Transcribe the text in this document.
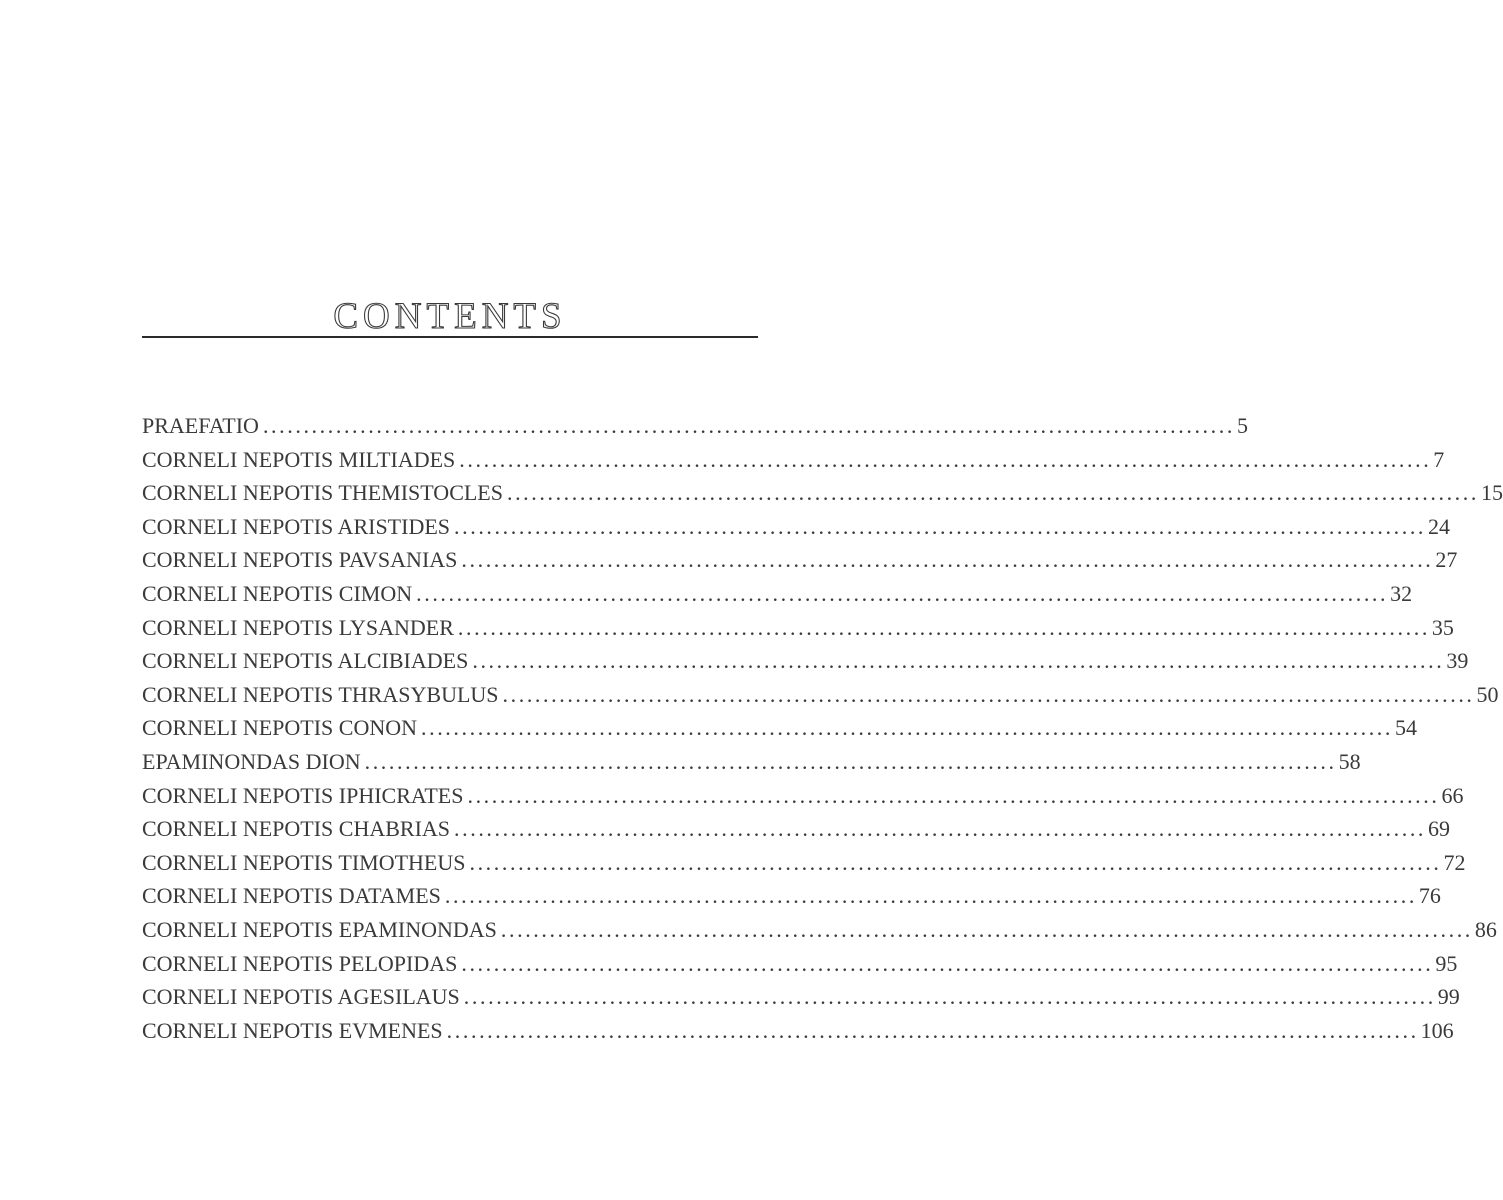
CONTENTS
PRAEFATIO ........................................................................................................................ 5
CORNELI NEPOTIS MILTIADES ........................................................................................................................ 7
CORNELI NEPOTIS THEMISTOCLES ........................................................................................................................ 15
CORNELI NEPOTIS ARISTIDES ........................................................................................................................ 24
CORNELI NEPOTIS PAVSANIAS ........................................................................................................................ 27
CORNELI NEPOTIS CIMON ........................................................................................................................ 32
CORNELI NEPOTIS LYSANDER ........................................................................................................................ 35
CORNELI NEPOTIS ALCIBIADES ........................................................................................................................ 39
CORNELI NEPOTIS THRASYBULUS ........................................................................................................................ 50
CORNELI NEPOTIS CONON ........................................................................................................................ 54
EPAMINONDAS DION ........................................................................................................................ 58
CORNELI NEPOTIS IPHICRATES ........................................................................................................................ 66
CORNELI NEPOTIS CHABRIAS ........................................................................................................................ 69
CORNELI NEPOTIS TIMOTHEUS ........................................................................................................................ 72
CORNELI NEPOTIS DATAMES ........................................................................................................................ 76
CORNELI NEPOTIS EPAMINONDAS ........................................................................................................................ 86
CORNELI NEPOTIS PELOPIDAS ........................................................................................................................ 95
CORNELI NEPOTIS AGESILAUS ........................................................................................................................ 99
CORNELI NEPOTIS EVMENES ........................................................................................................................ 106
